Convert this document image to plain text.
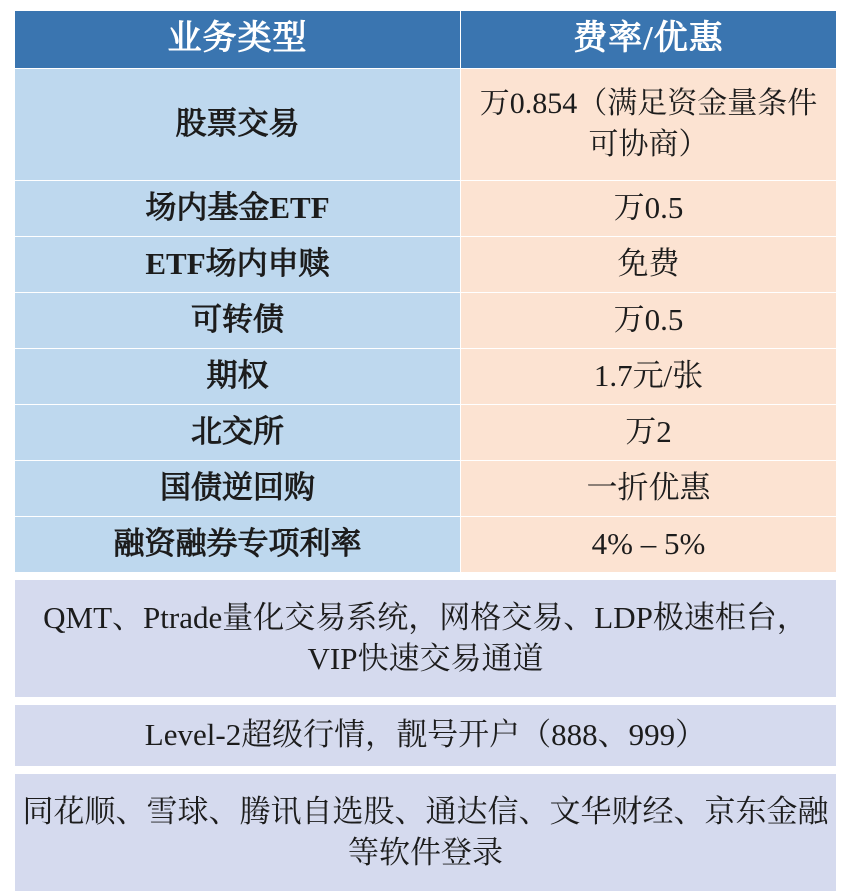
业务类型	费率/优惠
股票交易	万0.854（满足资金量条件可协商）
场内基金ETF	万0.5
ETF场内申赎	免费
可转债	万0.5
期权	1.7元/张
北交所	万2
国债逆回购	一折优惠
融资融券专项利率	4% – 5%

QMT、Ptrade量化交易系统，网格交易、LDP极速柜台，VIP快速交易通道	

Level-2超级行情，靓号开户（888、999）	

同花顺、雪球、腾讯自选股、通达信、文华财经、京东金融等软件登录	
